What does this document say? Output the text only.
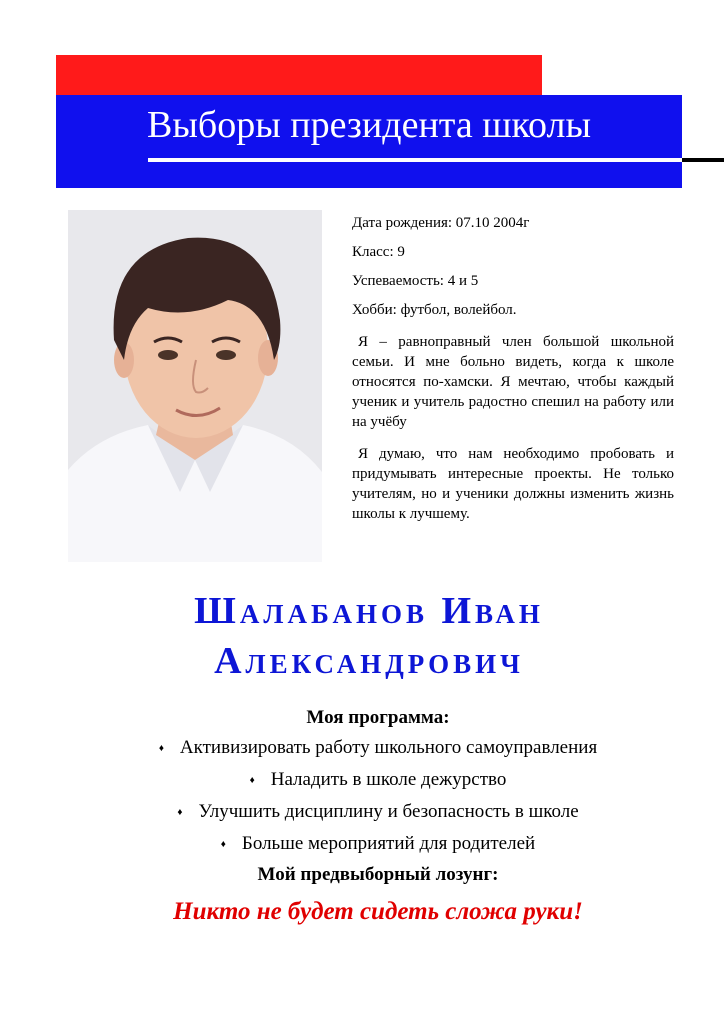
Выборы президента школы

Дата рождения: 07.10 2004г

Класс: 9

Успеваемость: 4 и 5

Хобби: футбол, волейбол.

Я – равноправный член большой школьной семьи. И мне больно видеть, когда к школе относятся по-хамски. Я мечтаю, чтобы каждый ученик и учитель радостно спешил на работу или на учёбу

Я думаю, что нам необходимо пробовать и придумывать интересные проекты. Не только учителям, но и ученики должны изменить жизнь школы к лучшему.

Шалабанов Иван
Александрович
Моя программа:
♦ Активизировать работу школьного самоуправления
♦ Наладить в школе дежурство
♦ Улучшить дисциплину и безопасность в школе
♦ Больше мероприятий для родителей
Мой предвыборный лозунг:
Никто не будет сидеть сложа руки!
